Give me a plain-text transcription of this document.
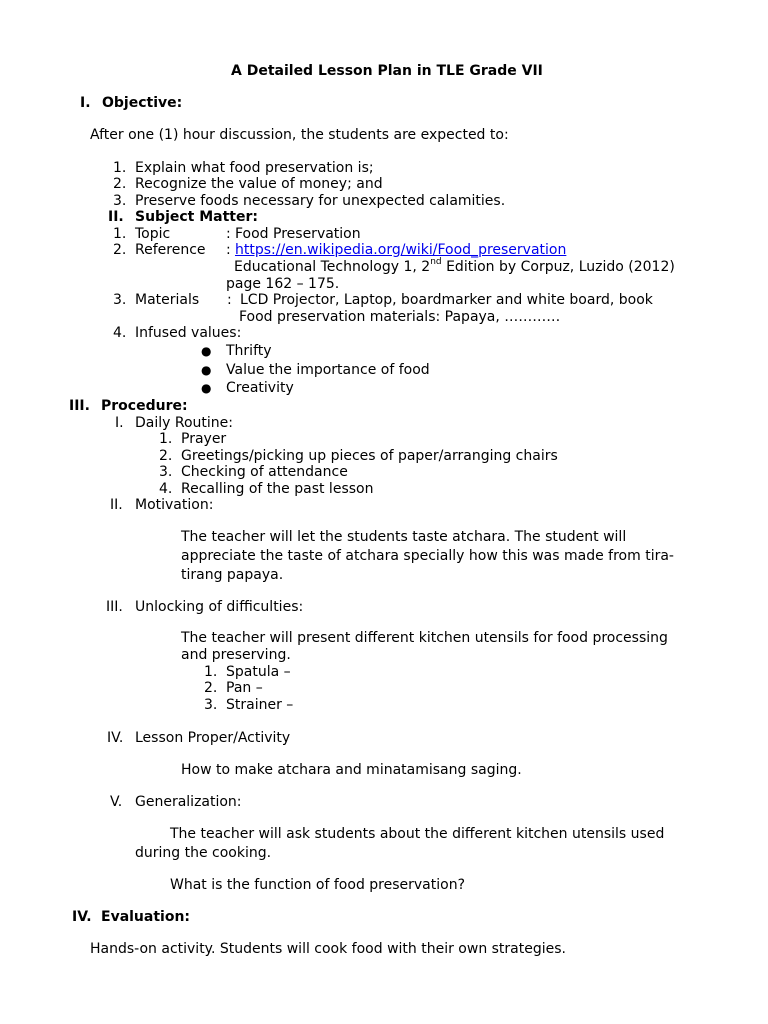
A Detailed Lesson Plan in TLE Grade VII
I. Objective:
After one (1) hour discussion, the students are expected to:
1. Explain what food preservation is;
2. Recognize the value of money; and
3. Preserve foods necessary for unexpected calamities.
II. Subject Matter:
1. Topic	: Food Preservation
2. Reference : https://en.wikipedia.org/wiki/Food_preservation
Educational Technology 1, 2nd Edition by Corpuz, Luzido (2012)
page 162 – 175.
3. Materials : LCD Projector, Laptop, boardmarker and white board, book
Food preservation materials: Papaya, …………
4. Infused values:
● Thrifty
● Value the importance of food
● Creativity
III. Procedure:
I. Daily Routine:
1. Prayer
2. Greetings/picking up pieces of paper/arranging chairs
3. Checking of attendance
4. Recalling of the past lesson
II. Motivation:
The teacher will let the students taste atchara. The student will
appreciate the taste of atchara specially how this was made from tira-
tirang papaya.
III. Unlocking of difficulties:
The teacher will present different kitchen utensils for food processing
and preserving.
1. Spatula –
2. Pan –
3. Strainer –
IV. Lesson Proper/Activity
How to make atchara and minatamisang saging.
V. Generalization:
The teacher will ask students about the different kitchen utensils used
during the cooking.
What is the function of food preservation?
IV. Evaluation:
Hands-on activity. Students will cook food with their own strategies.
